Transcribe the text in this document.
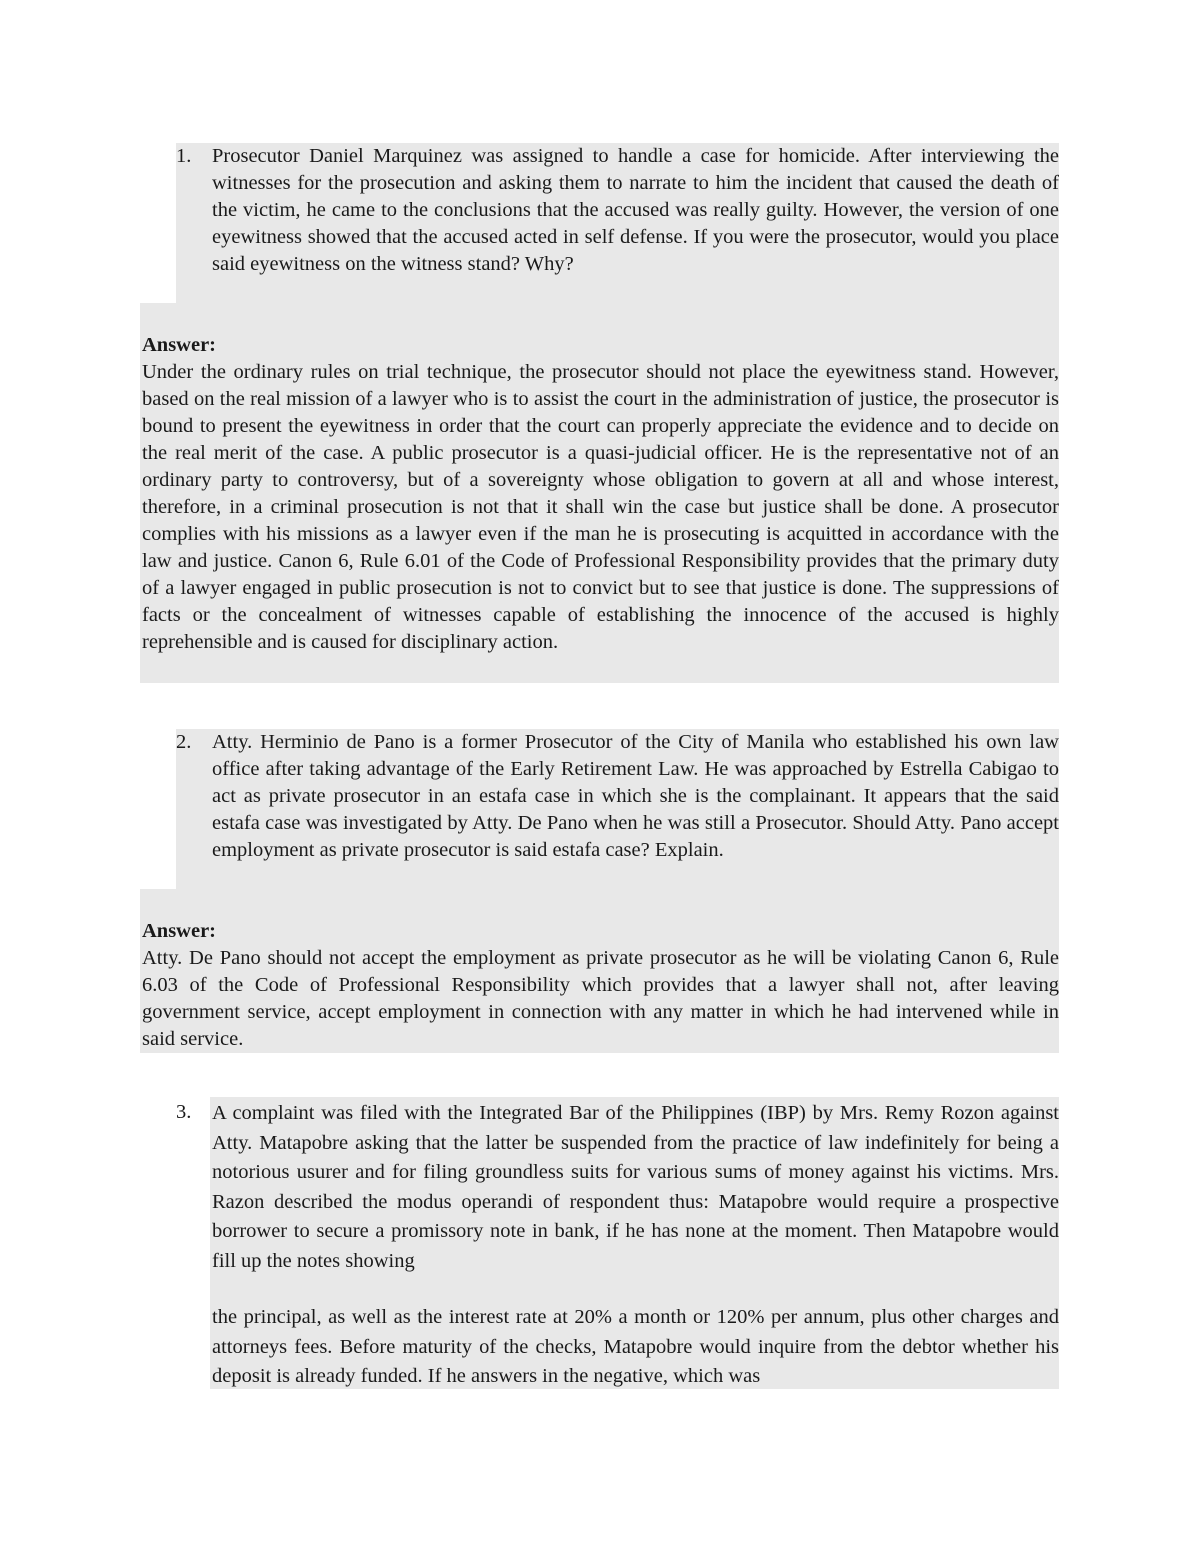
1. Prosecutor Daniel Marquinez was assigned to handle a case for homicide. After interviewing the witnesses for the prosecution and asking them to narrate to him the incident that caused the death of the victim, he came to the conclusions that the accused was really guilty. However, the version of one eyewitness showed that the accused acted in self defense. If you were the prosecutor, would you place said eyewitness on the witness stand? Why?

Answer:

Under the ordinary rules on trial technique, the prosecutor should not place the eyewitness stand. However, based on the real mission of a lawyer who is to assist the court in the administration of justice, the prosecutor is bound to present the eyewitness in order that the court can properly appreciate the evidence and to decide on the real merit of the case. A public prosecutor is a quasi-judicial officer. He is the representative not of an ordinary party to controversy, but of a sovereignty whose obligation to govern at all and whose interest, therefore, in a criminal prosecution is not that it shall win the case but justice shall be done. A prosecutor complies with his missions as a lawyer even if the man he is prosecuting is acquitted in accordance with the law and justice. Canon 6, Rule 6.01 of the Code of Professional Responsibility provides that the primary duty of a lawyer engaged in public prosecution is not to convict but to see that justice is done. The suppressions of facts or the concealment of witnesses capable of establishing the innocence of the accused is highly reprehensible and is caused for disciplinary action.

2. Atty. Herminio de Pano is a former Prosecutor of the City of Manila who established his own law office after taking advantage of the Early Retirement Law. He was approached by Estrella Cabigao to act as private prosecutor in an estafa case in which she is the complainant. It appears that the said estafa case was investigated by Atty. De Pano when he was still a Prosecutor. Should Atty. Pano accept employment as private prosecutor is said estafa case? Explain.

Answer:

Atty. De Pano should not accept the employment as private prosecutor as he will be violating Canon 6, Rule 6.03 of the Code of Professional Responsibility which provides that a lawyer shall not, after leaving government service, accept employment in connection with any matter in which he had intervened while in said service.

3. A complaint was filed with the Integrated Bar of the Philippines (IBP) by Mrs. Remy Rozon against Atty. Matapobre asking that the latter be suspended from the practice of law indefinitely for being a notorious usurer and for filing groundless suits for various sums of money against his victims. Mrs. Razon described the modus operandi of respondent thus: Matapobre would require a prospective borrower to secure a promissory note in bank, if he has none at the moment. Then Matapobre would fill up the notes showing

the principal, as well as the interest rate at 20% a month or 120% per annum, plus other charges and attorneys fees. Before maturity of the checks, Matapobre would inquire from the debtor whether his deposit is already funded. If he answers in the negative, which was
